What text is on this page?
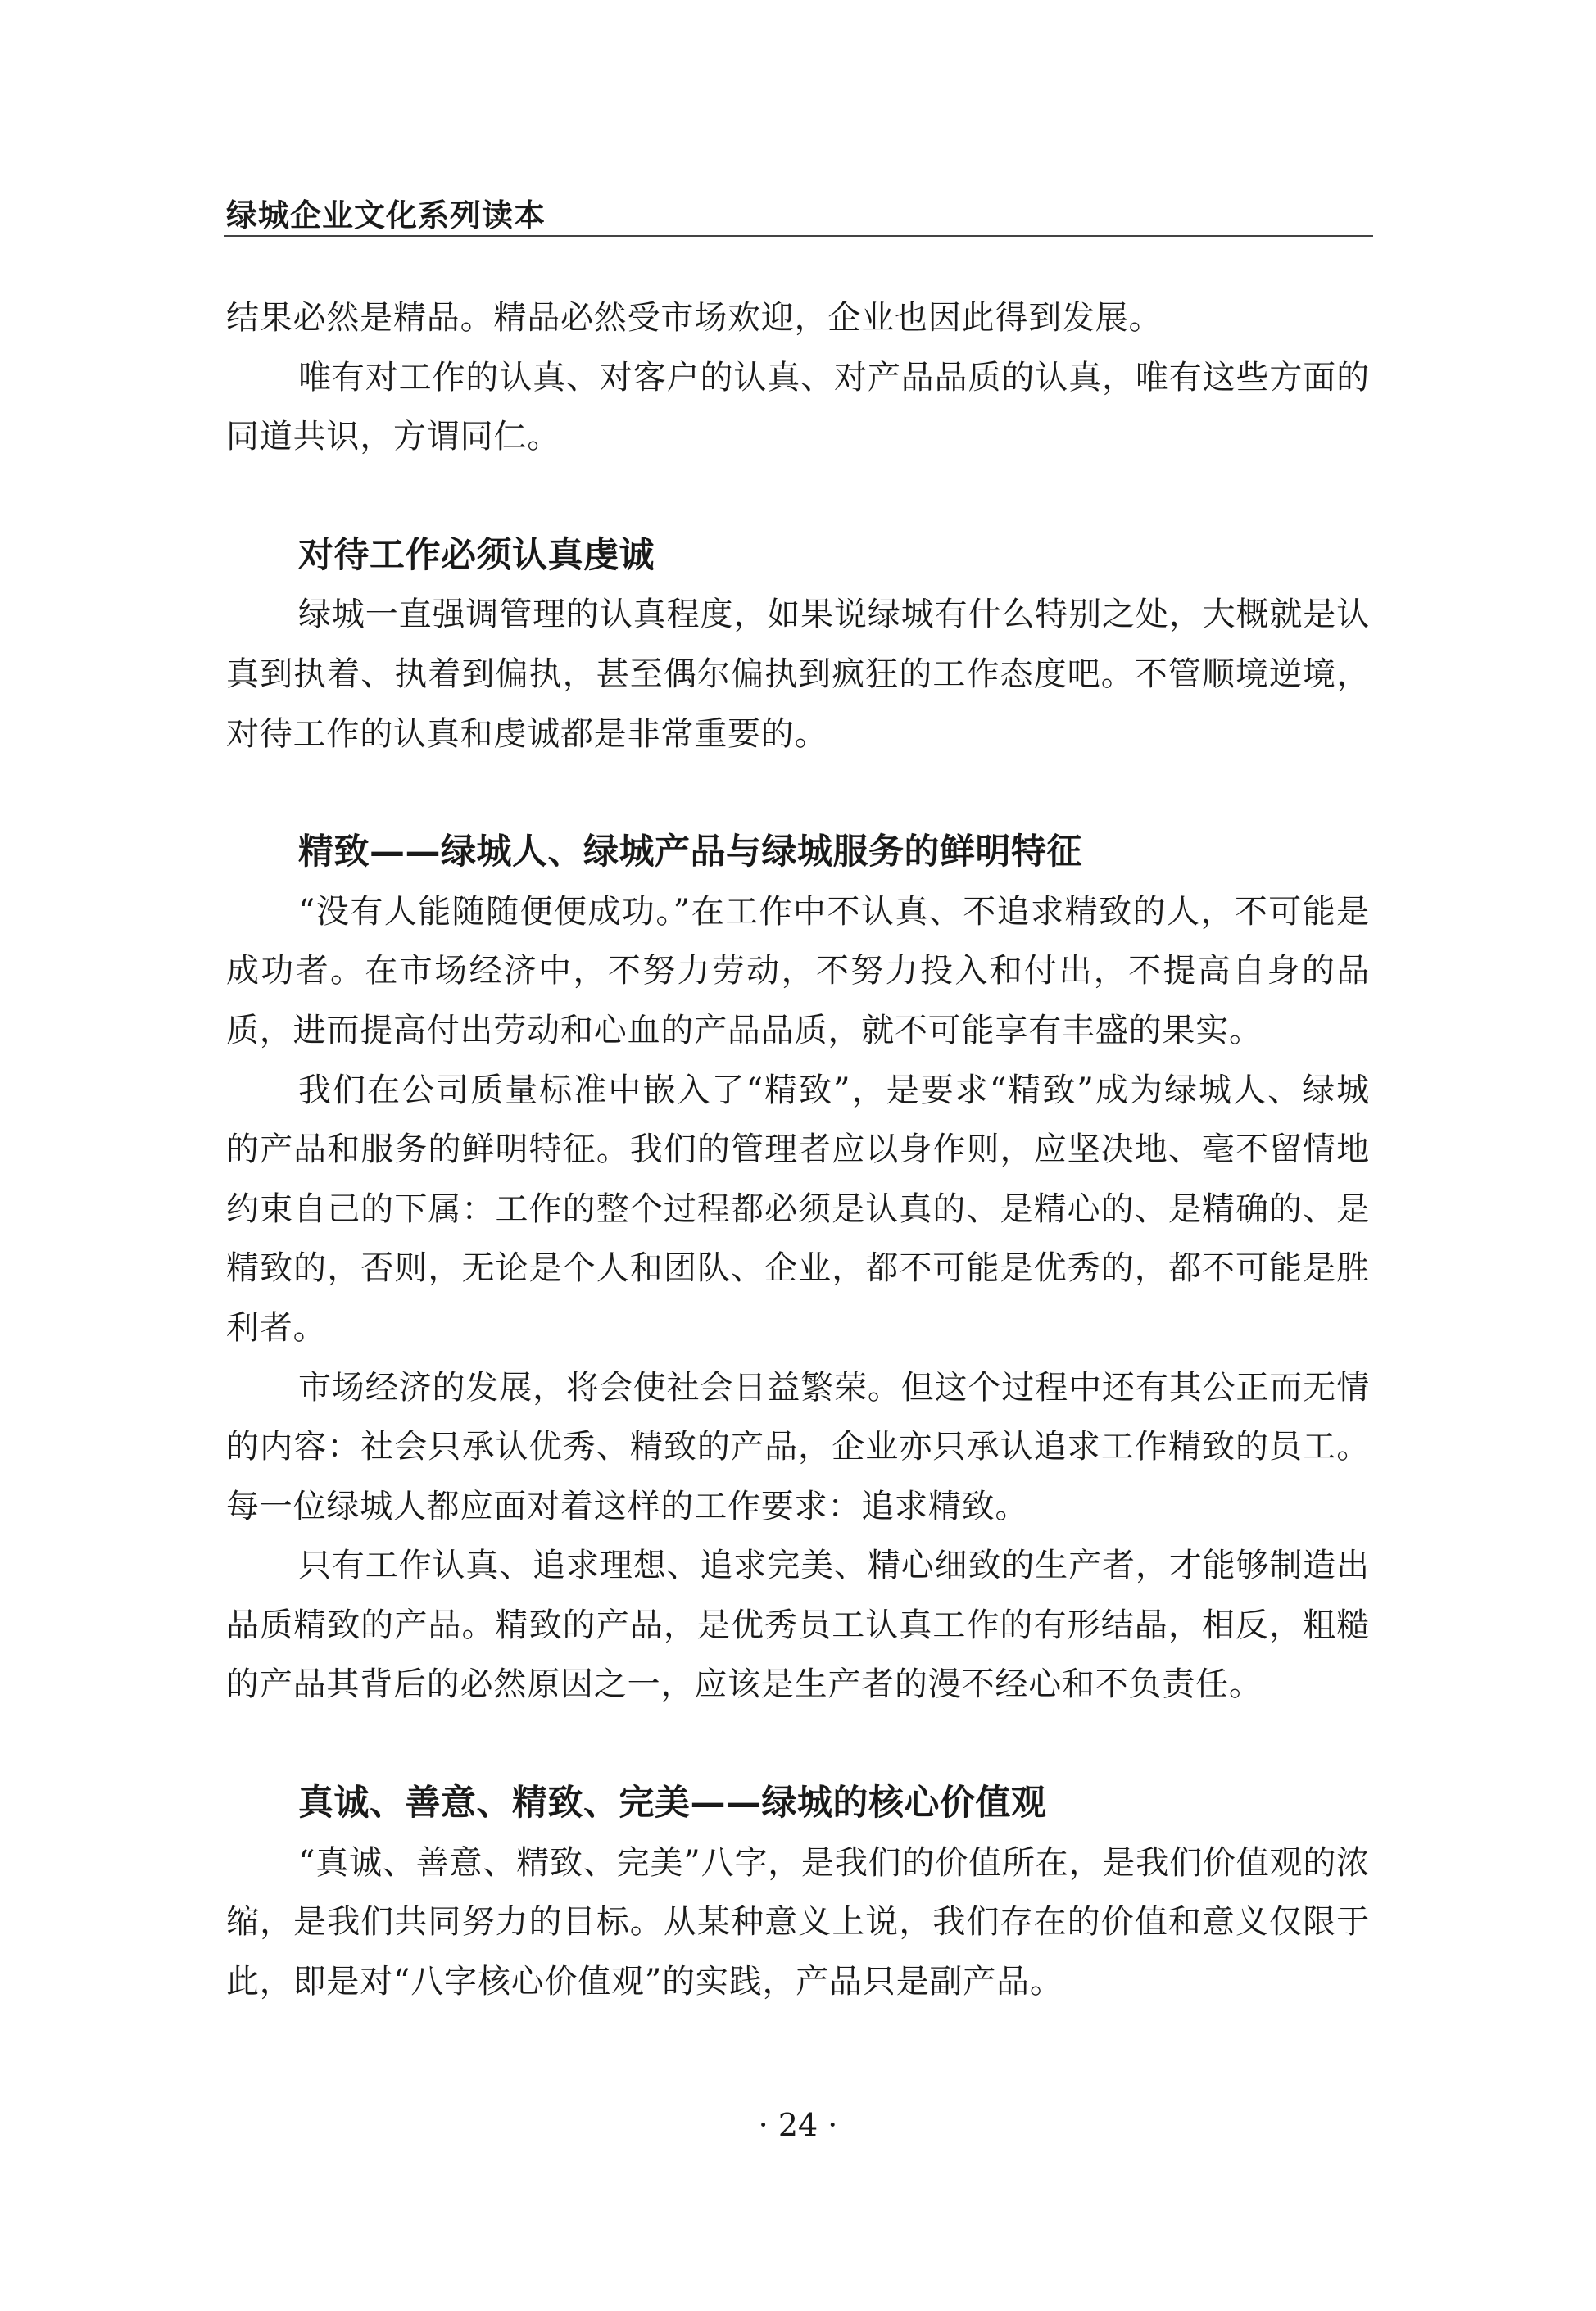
绿城企业文化系列读本

结果必然是精品。精品必然受市场欢迎，企业也因此得到发展。

唯有对工作的认真、对客户的认真、对产品品质的认真，唯有这些方面的同道共识，方谓同仁。

对待工作必须认真虔诚

绿城一直强调管理的认真程度，如果说绿城有什么特别之处，大概就是认真到执着、执着到偏执，甚至偶尔偏执到疯狂的工作态度吧。不管顺境逆境，对待工作的认真和虔诚都是非常重要的。

精致——绿城人、绿城产品与绿城服务的鲜明特征

“没有人能随随便便成功。”在工作中不认真、不追求精致的人，不可能是成功者。在市场经济中，不努力劳动，不努力投入和付出，不提高自身的品质，进而提高付出劳动和心血的产品品质，就不可能享有丰盛的果实。

我们在公司质量标准中嵌入了“精致”，是要求“精致”成为绿城人、绿城的产品和服务的鲜明特征。我们的管理者应以身作则，应坚决地、毫不留情地约束自己的下属：工作的整个过程都必须是认真的、是精心的、是精确的、是精致的，否则，无论是个人和团队、企业，都不可能是优秀的，都不可能是胜利者。

市场经济的发展，将会使社会日益繁荣。但这个过程中还有其公正而无情的内容：社会只承认优秀、精致的产品，企业亦只承认追求工作精致的员工。每一位绿城人都应面对着这样的工作要求：追求精致。

只有工作认真、追求理想、追求完美、精心细致的生产者，才能够制造出品质精致的产品。精致的产品，是优秀员工认真工作的有形结晶，相反，粗糙的产品其背后的必然原因之一，应该是生产者的漫不经心和不负责任。

真诚、善意、精致、完美——绿城的核心价值观

“真诚、善意、精致、完美”八字，是我们的价值所在，是我们价值观的浓缩，是我们共同努力的目标。从某种意义上说，我们存在的价值和意义仅限于此，即是对“八字核心价值观”的实践，产品只是副产品。

· 24 ·
